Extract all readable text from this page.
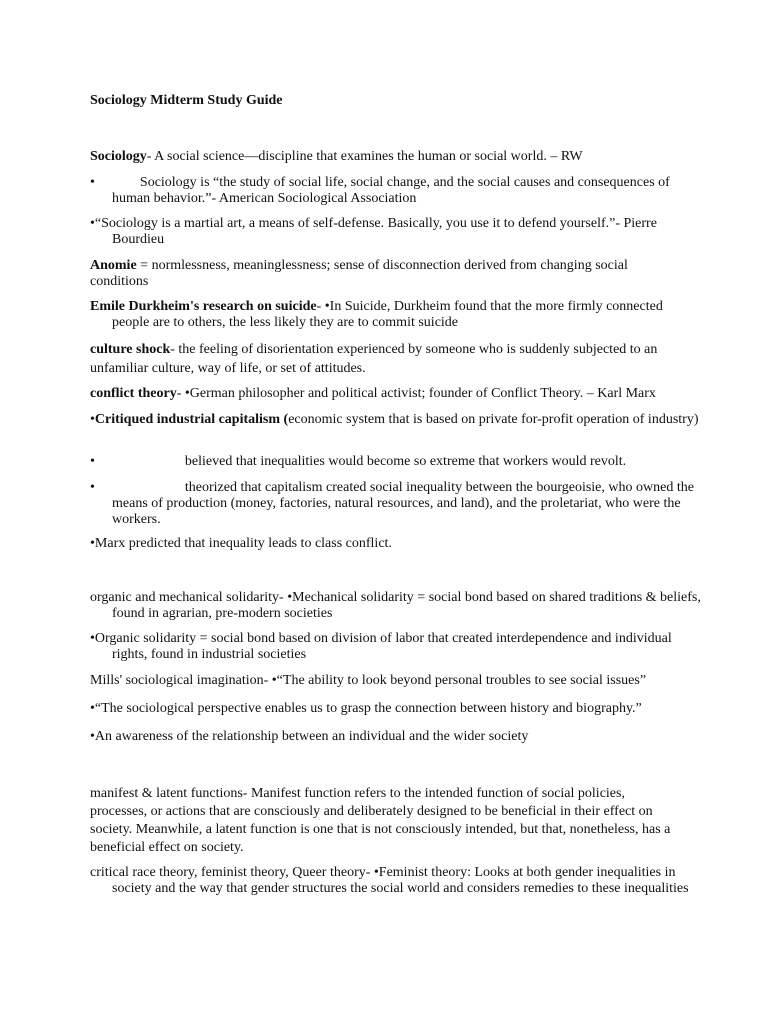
Sociology Midterm Study Guide
Sociology- A social science—discipline that examines the human or social world. – RW
•	Sociology is “the study of social life, social change, and the social causes and consequences of human behavior.”- American Sociological Association
•“Sociology is a martial art, a means of self-defense. Basically, you use it to defend yourself.”- Pierre Bourdieu
Anomie = normlessness, meaninglessness; sense of disconnection derived from changing social conditions
Emile Durkheim's research on suicide- •In Suicide, Durkheim found that the more firmly connected people are to others, the less likely they are to commit suicide
culture shock- the feeling of disorientation experienced by someone who is suddenly subjected to an unfamiliar culture, way of life, or set of attitudes.
conflict theory- •German philosopher and political activist; founder of Conflict Theory. – Karl Marx
•Critiqued industrial capitalism (economic system that is based on private for-profit operation of industry)
•	believed that inequalities would become so extreme that workers would revolt.
•	theorized that capitalism created social inequality between the bourgeoisie, who owned the means of production (money, factories, natural resources, and land), and the proletariat, who were the workers.
•Marx predicted that inequality leads to class conflict.
organic and mechanical solidarity- •Mechanical solidarity = social bond based on shared traditions & beliefs, found in agrarian, pre-modern societies
•Organic solidarity = social bond based on division of labor that created interdependence and individual rights, found in industrial societies
Mills' sociological imagination- •“The ability to look beyond personal troubles to see social issues”
•“The sociological perspective enables us to grasp the connection between history and biography.”
•An awareness of the relationship between an individual and the wider society
manifest & latent functions- Manifest function refers to the intended function of social policies, processes, or actions that are consciously and deliberately designed to be beneficial in their effect on society. Meanwhile, a latent function is one that is not consciously intended, but that, nonetheless, has a beneficial effect on society.
critical race theory, feminist theory, Queer theory- •Feminist theory: Looks at both gender inequalities in society and the way that gender structures the social world and considers remedies to these inequalities
